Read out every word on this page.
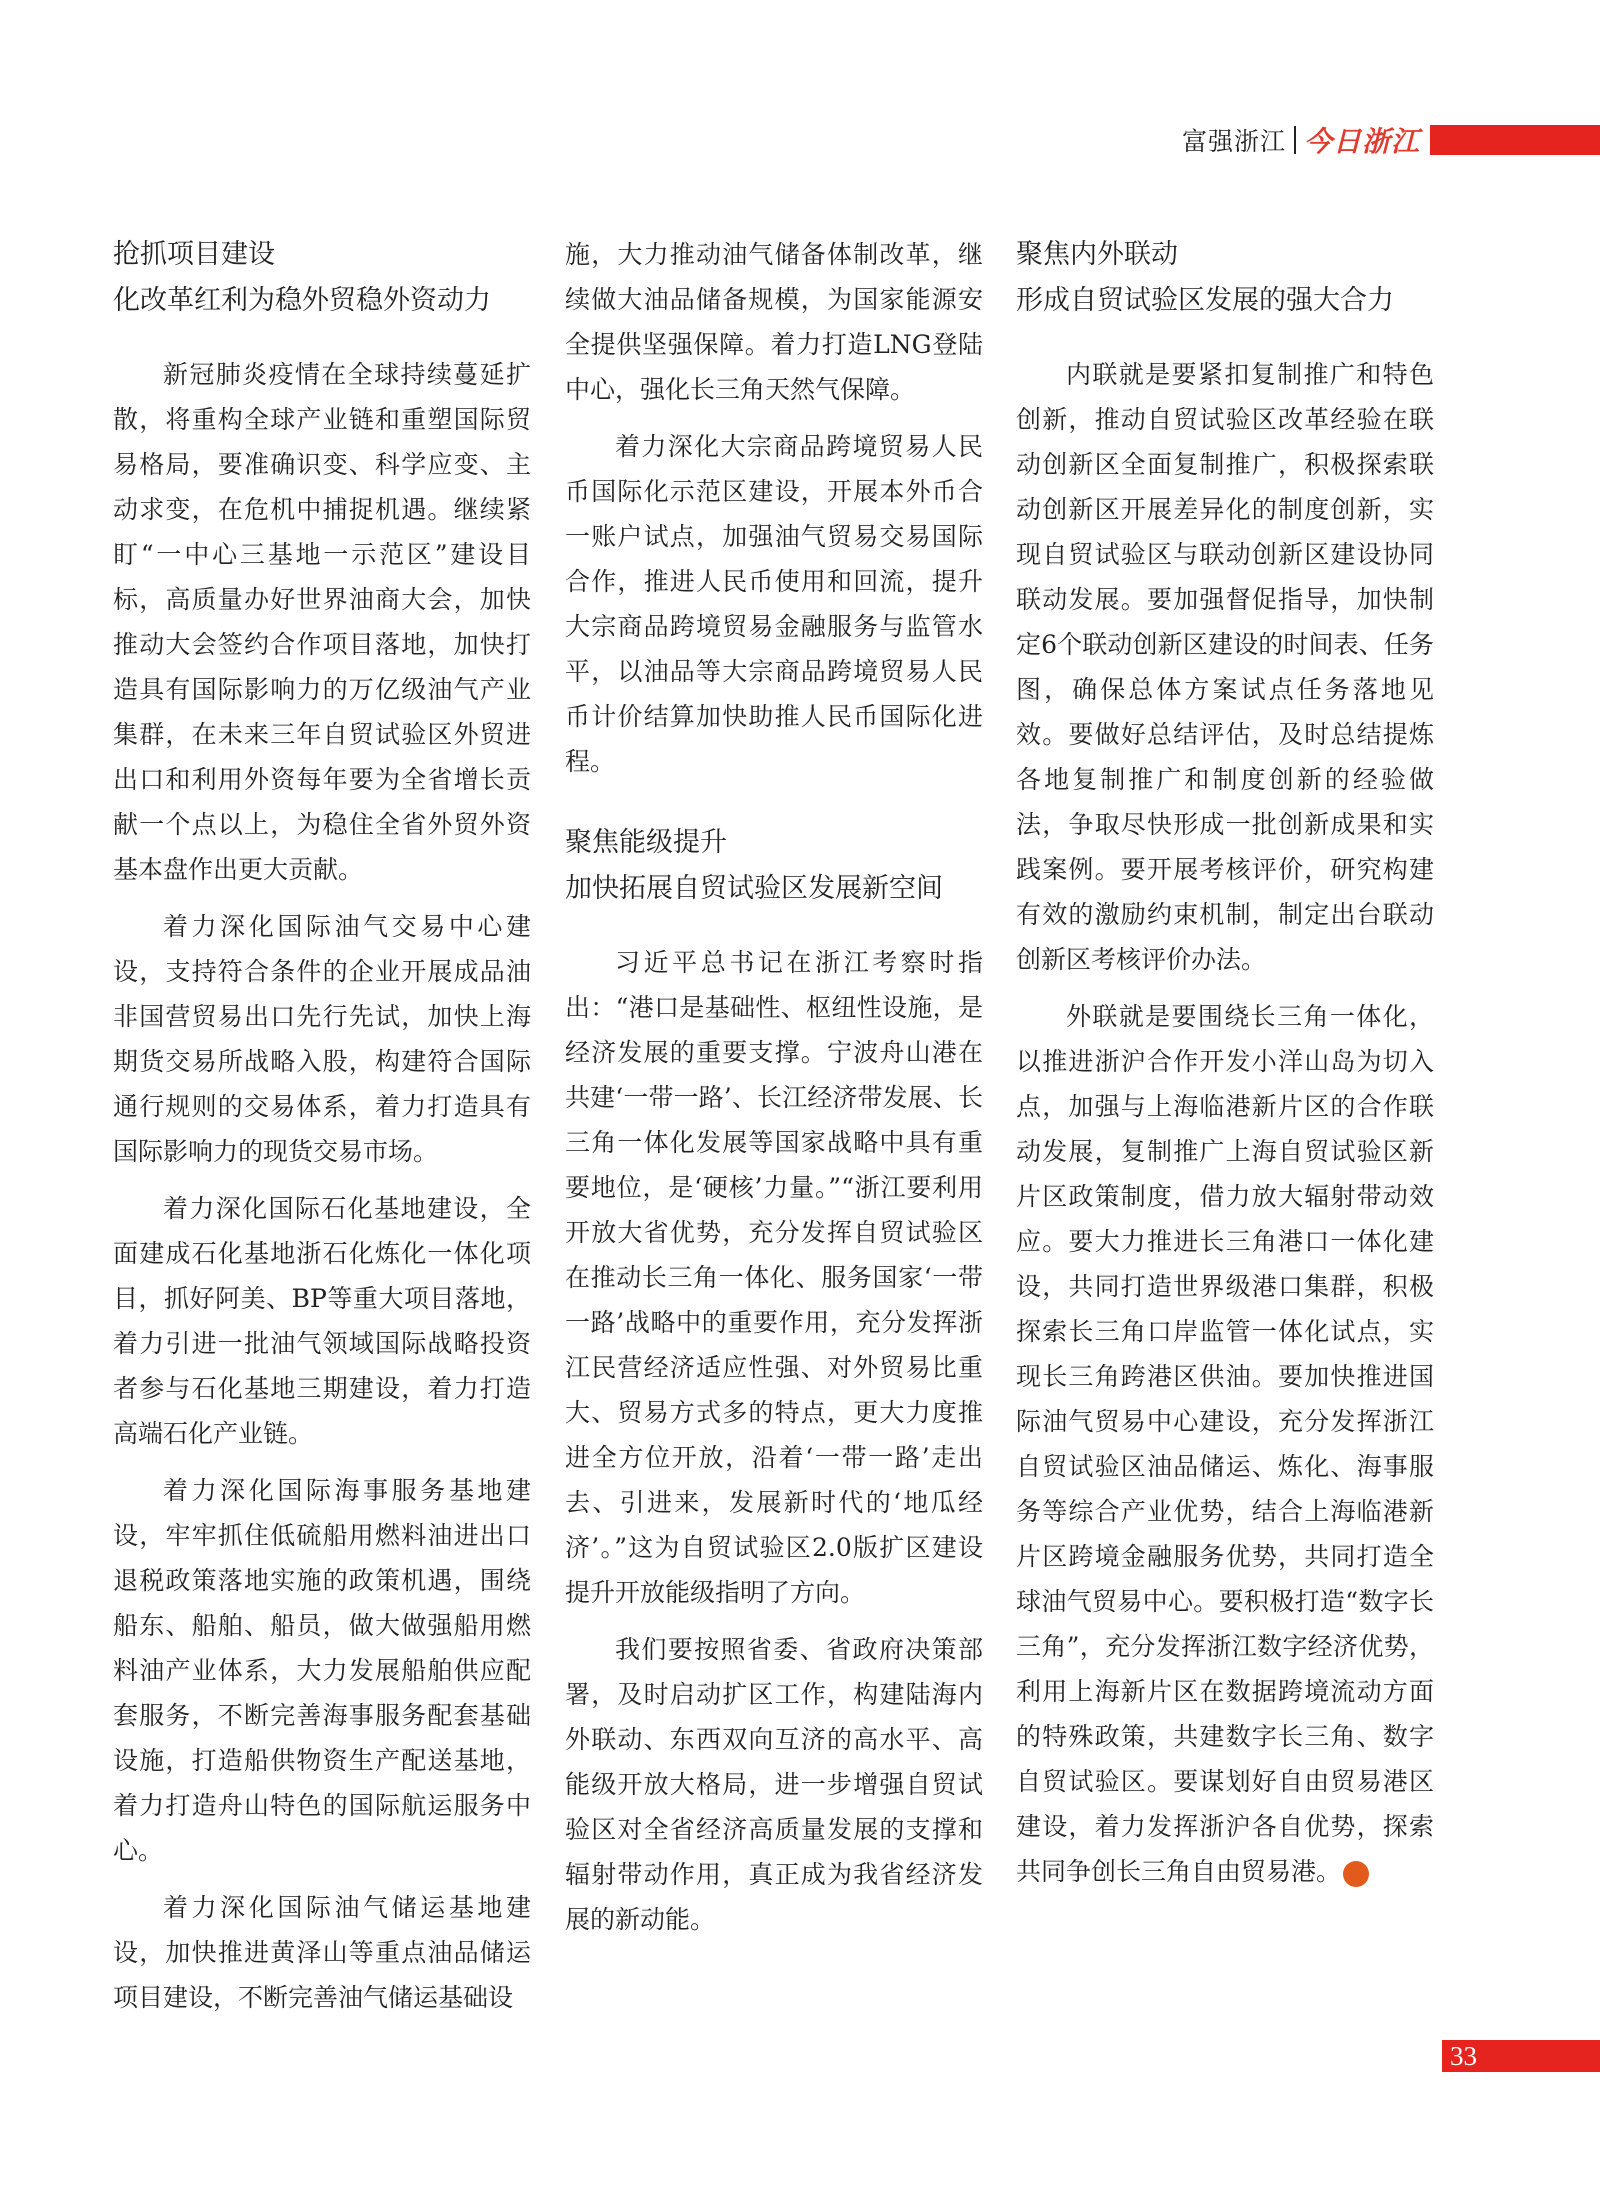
富强浙江 今日浙江
抢抓项目建设
化改革红利为稳外贸稳外资动力

新冠肺炎疫情在全球持续蔓延扩散，将重构全球产业链和重塑国际贸易格局，要准确识变、科学应变、主动求变，在危机中捕捉机遇。继续紧盯“一中心三基地一示范区”建设目标，高质量办好世界油商大会，加快推动大会签约合作项目落地，加快打造具有国际影响力的万亿级油气产业集群，在未来三年自贸试验区外贸进出口和利用外资每年要为全省增长贡献一个点以上，为稳住全省外贸外资基本盘作出更大贡献。

着力深化国际油气交易中心建设，支持符合条件的企业开展成品油非国营贸易出口先行先试，加快上海期货交易所战略入股，构建符合国际通行规则的交易体系，着力打造具有国际影响力的现货交易市场。

着力深化国际石化基地建设，全面建成石化基地浙石化炼化一体化项目，抓好阿美、BP等重大项目落地，着力引进一批油气领域国际战略投资者参与石化基地三期建设，着力打造高端石化产业链。

着力深化国际海事服务基地建设，牢牢抓住低硫船用燃料油进出口退税政策落地实施的政策机遇，围绕船东、船舶、船员，做大做强船用燃料油产业体系，大力发展船舶供应配套服务，不断完善海事服务配套基础设施，打造船供物资生产配送基地，着力打造舟山特色的国际航运服务中心。

着力深化国际油气储运基地建设，加快推进黄泽山等重点油品储运项目建设，不断完善油气储运基础设

施，大力推动油气储备体制改革，继续做大油品储备规模，为国家能源安全提供坚强保障。着力打造LNG登陆中心，强化长三角天然气保障。

着力深化大宗商品跨境贸易人民币国际化示范区建设，开展本外币合一账户试点，加强油气贸易交易国际合作，推进人民币使用和回流，提升大宗商品跨境贸易金融服务与监管水平，以油品等大宗商品跨境贸易人民币计价结算加快助推人民币国际化进程。

聚焦能级提升
加快拓展自贸试验区发展新空间

习近平总书记在浙江考察时指出：“港口是基础性、枢纽性设施，是经济发展的重要支撑。宁波舟山港在共建‘一带一路’、长江经济带发展、长三角一体化发展等国家战略中具有重要地位，是‘硬核’力量。”“浙江要利用开放大省优势，充分发挥自贸试验区在推动长三角一体化、服务国家‘一带一路’战略中的重要作用，充分发挥浙江民营经济适应性强、对外贸易比重大、贸易方式多的特点，更大力度推进全方位开放，沿着‘一带一路’走出去、引进来，发展新时代的‘地瓜经济’。”这为自贸试验区2.0版扩区建设提升开放能级指明了方向。

我们要按照省委、省政府决策部署，及时启动扩区工作，构建陆海内外联动、东西双向互济的高水平、高能级开放大格局，进一步增强自贸试验区对全省经济高质量发展的支撑和辐射带动作用，真正成为我省经济发展的新动能。

聚焦内外联动
形成自贸试验区发展的强大合力

内联就是要紧扣复制推广和特色创新，推动自贸试验区改革经验在联动创新区全面复制推广，积极探索联动创新区开展差异化的制度创新，实现自贸试验区与联动创新区建设协同联动发展。要加强督促指导，加快制定6个联动创新区建设的时间表、任务图，确保总体方案试点任务落地见效。要做好总结评估，及时总结提炼各地复制推广和制度创新的经验做法，争取尽快形成一批创新成果和实践案例。要开展考核评价，研究构建有效的激励约束机制，制定出台联动创新区考核评价办法。

外联就是要围绕长三角一体化，以推进浙沪合作开发小洋山岛为切入点，加强与上海临港新片区的合作联动发展，复制推广上海自贸试验区新片区政策制度，借力放大辐射带动效应。要大力推进长三角港口一体化建设，共同打造世界级港口集群，积极探索长三角口岸监管一体化试点，实现长三角跨港区供油。要加快推进国际油气贸易中心建设，充分发挥浙江自贸试验区油品储运、炼化、海事服务等综合产业优势，结合上海临港新片区跨境金融服务优势，共同打造全球油气贸易中心。要积极打造“数字长三角”，充分发挥浙江数字经济优势，利用上海新片区在数据跨境流动方面的特殊政策，共建数字长三角、数字自贸试验区。要谋划好自由贸易港区建设，着力发挥浙沪各自优势，探索共同争创长三角自由贸易港。	今

33
